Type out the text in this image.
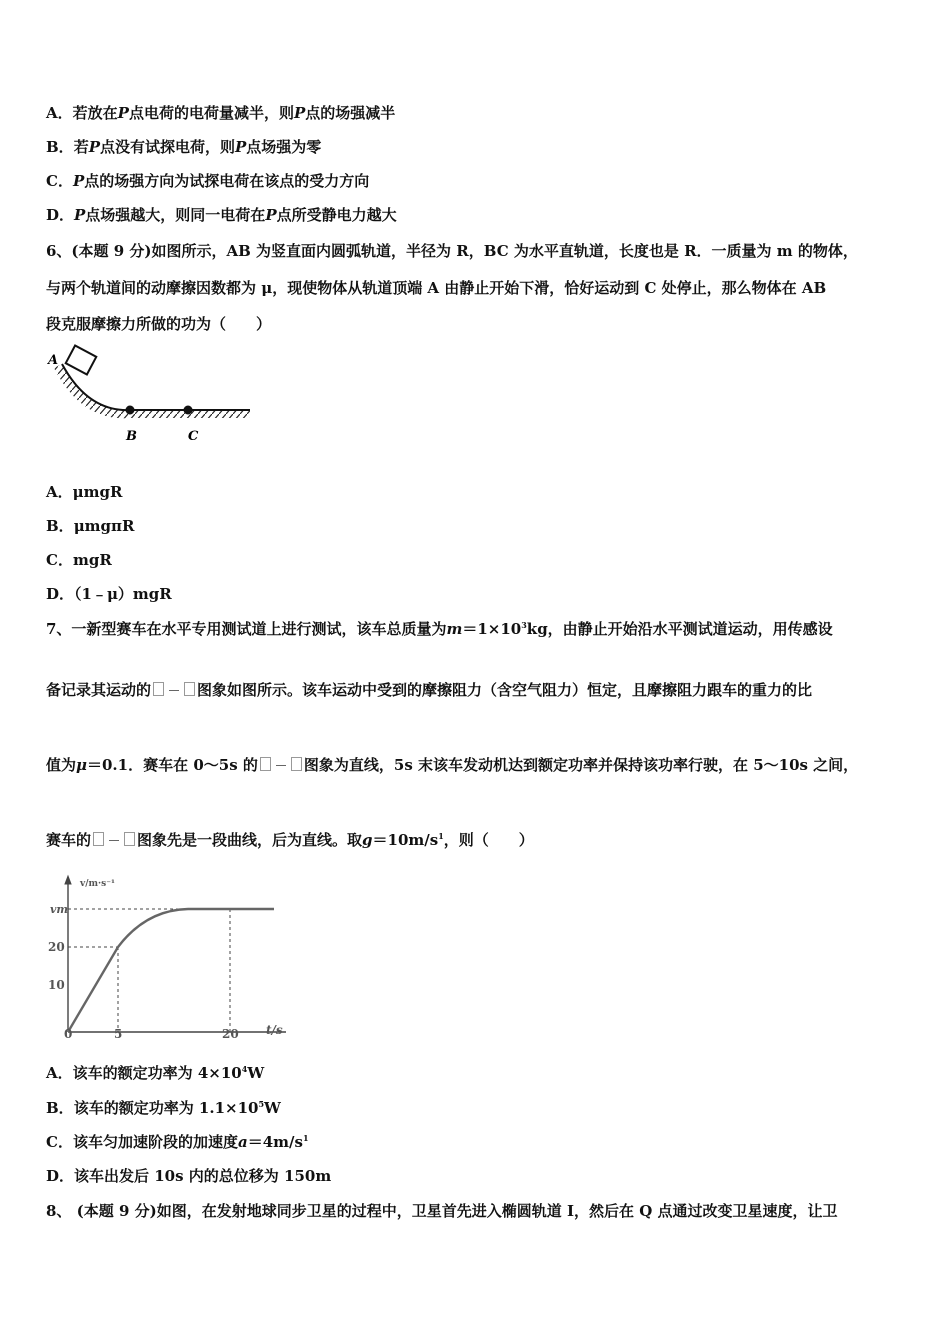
A．若放在P点电荷的电荷量减半，则P点的场强减半
B．若P点没有试探电荷，则P点场强为零
C．P点的场强方向为试探电荷在该点的受力方向
D．P点场强越大，则同一电荷在P点所受静电力越大
6、(本题 9 分)如图所示，AB 为竖直面内圆弧轨道，半径为 R，BC 为水平直轨道，长度也是 R．一质量为 m 的物体，
与两个轨道间的动摩擦因数都为 μ，现使物体从轨道顶端 A 由静止开始下滑，恰好运动到 C 处停止，那么物体在 AB
段克服摩擦力所做的功为（　　）
A
B	C
A．μmgR
B．μmgπR
C．mgR
D．（1﹣μ）mgR
7、一新型赛车在水平专用测试道上进行测试，该车总质量为$m=1\times 10^3kg$，由静止开始沿水平测试道运动，用传感设
备记录其运动的	图象如图所示。该车运动中受到的摩擦阻力（含空气阻力）恒定，且摩擦阻力跟车的重力的比
值为μ＝0.1．赛车在 0～5s 的	图象为直线，5s 末该车发动机达到额定功率并保持该功率行驶，在 5～10s 之间，
赛车的	图象先是一段曲线，后为直线。取$g=10m/s^1$，则（　　）
v/m·s⁻¹
t/s
vm
20
10
0	5	20
A．该车的额定功率为 $4\times 10^4W$
B．该车的额定功率为 $1.1\times 10^5W$
C．该车匀加速阶段的加速度$a=4m/s^1$
D．该车出发后 10s 内的总位移为 150m
8、 (本题 9 分)如图，在发射地球同步卫星的过程中，卫星首先进入椭圆轨道 I，然后在 Q 点通过改变卫星速度，让卫
